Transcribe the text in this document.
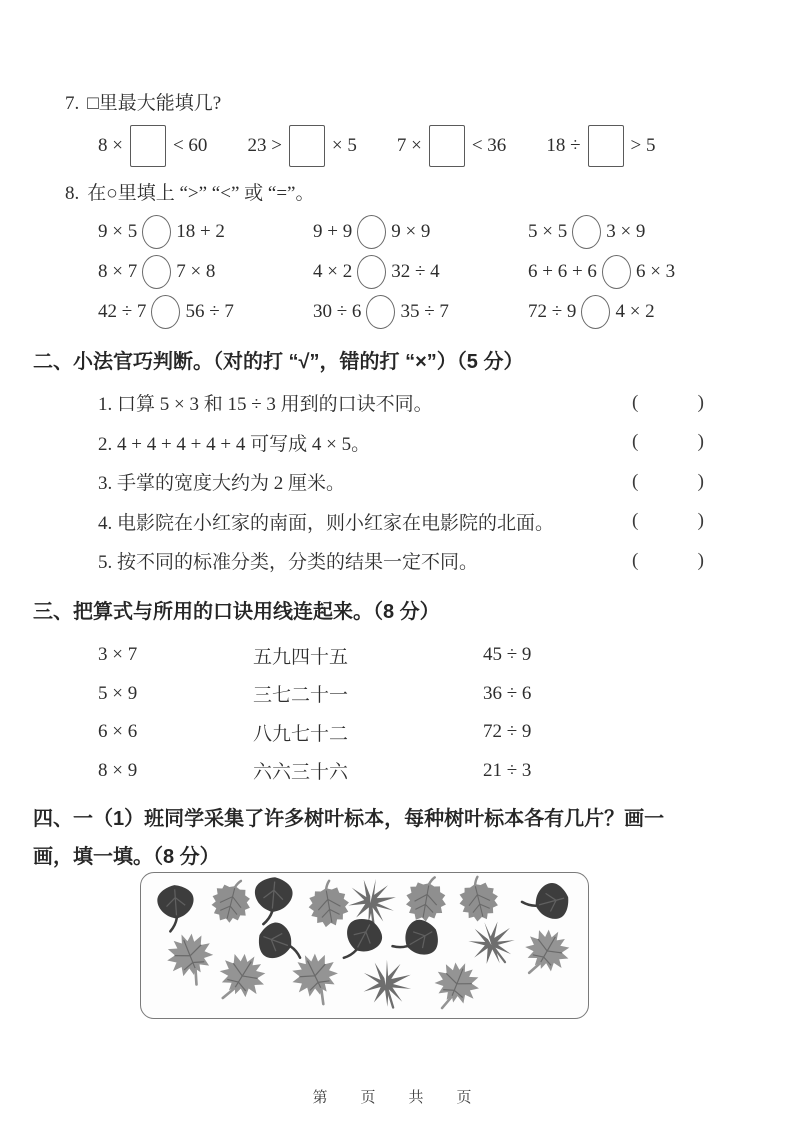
7. □里最大能填几?
8 ×	< 60 23 >	× 5 7 ×	< 36 18 ÷	> 5
8. 在○里填上 “>” “<” 或 “=”。
9 × 5 18 + 2	9 + 9 9 × 9	5 × 5 3 × 9
8 × 7 7 × 8	4 × 2 32 ÷ 4	6 + 6 + 6 6 × 3
42 ÷ 7 56 ÷ 7	30 ÷ 6 35 ÷ 7	72 ÷ 9 4 × 2
二、小法官巧判断。（对的打 “√”，错的打 “×”）（5 分）
1. 口算 5 × 3 和 15 ÷ 3 用到的口诀不同。	(	)
2. 4 + 4 + 4 + 4 + 4 可写成 4 × 5。	(	)
3. 手掌的宽度大约为 2 厘米。	(	)
4. 电影院在小红家的南面，则小红家在电影院的北面。	(	)
5. 按不同的标准分类，分类的结果一定不同。	(	)
三、把算式与所用的口诀用线连起来。（8 分）
3 × 7	五九四十五	45 ÷ 9
5 × 9	三七二十一	36 ÷ 6
6 × 6	八九七十二	72 ÷ 9
8 × 9	六六三十六	21 ÷ 3
四、一（1）班同学采集了许多树叶标本，每种树叶标本各有几片？画一
画，填一填。（8 分）
第　页　共　页
